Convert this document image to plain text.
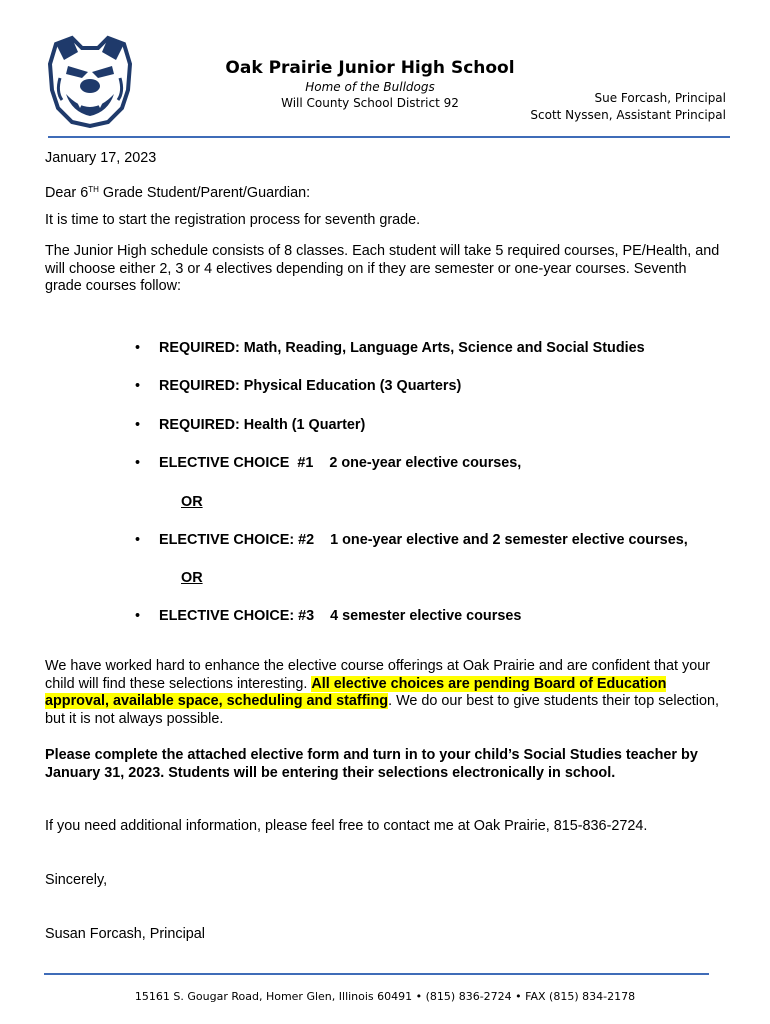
Oak Prairie Junior High School
Home of the Bulldogs
Will County School District 92	Sue Forcash, Principal
Scott Nyssen, Assistant Principal

January 17, 2023

Dear 6TH Grade Student/Parent/Guardian:

It is time to start the registration process for seventh grade.

The Junior High schedule consists of 8 classes. Each student will take 5 required courses, PE/Health, and will choose either 2, 3 or 4 electives depending on if they are semester or one-year courses. Seventh grade courses follow:

• REQUIRED: Math, Reading, Language Arts, Science and Social Studies
• REQUIRED: Physical Education (3 Quarters)
• REQUIRED: Health (1 Quarter)
• ELECTIVE CHOICE  #1    2 one-year elective courses,
OR
• ELECTIVE CHOICE: #2    1 one-year elective and 2 semester elective courses,
OR
• ELECTIVE CHOICE: #3    4 semester elective courses

We have worked hard to enhance the elective course offerings at Oak Prairie and are confident that your child will find these selections interesting. All elective choices are pending Board of Education approval, available space, scheduling and staffing. We do our best to give students their top selection, but it is not always possible.

Please complete the attached elective form and turn in to your child’s Social Studies teacher by January 31, 2023. Students will be entering their selections electronically in school.

If you need additional information, please feel free to contact me at Oak Prairie, 815-836-2724.

Sincerely,

Susan Forcash, Principal

15161 S. Gougar Road, Homer Glen, Illinois 60491 • (815) 836-2724 • FAX (815) 834-2178
